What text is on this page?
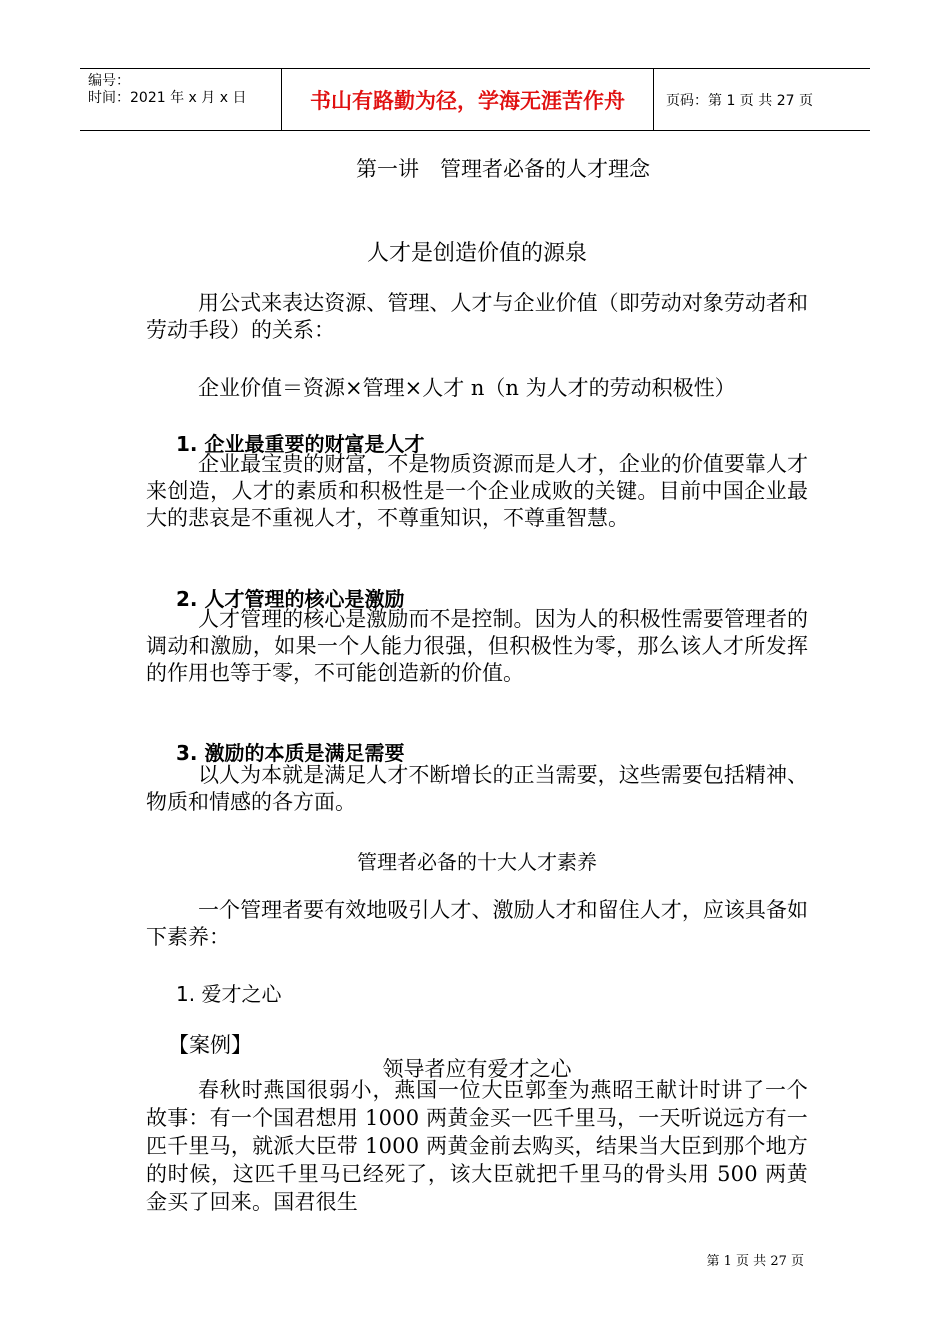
编号：
时间：2021 年 x 月 x 日	书山有路勤为径，学海无涯苦作舟	页码：第 1 页 共 27 页
第一讲　管理者必备的人才理念
人才是创造价值的源泉
用公式来表达资源、管理、人才与企业价值（即劳动对象劳动者和劳动手段）的关系：
企业价值＝资源×管理×人才 n（n 为人才的劳动积极性）
1. 企业最重要的财富是人才
企业最宝贵的财富，不是物质资源而是人才，企业的价值要靠人才来创造，人才的素质和积极性是一个企业成败的关键。目前中国企业最大的悲哀是不重视人才，不尊重知识，不尊重智慧。
2. 人才管理的核心是激励
人才管理的核心是激励而不是控制。因为人的积极性需要管理者的调动和激励，如果一个人能力很强，但积极性为零，那么该人才所发挥的作用也等于零，不可能创造新的价值。
3. 激励的本质是满足需要
以人为本就是满足人才不断增长的正当需要，这些需要包括精神、物质和情感的各方面。
管理者必备的十大人才素养
一个管理者要有效地吸引人才、激励人才和留住人才，应该具备如下素养：
1. 爱才之心
【案例】
领导者应有爱才之心
春秋时燕国很弱小，燕国一位大臣郭奎为燕昭王献计时讲了一个故事：有一个国君想用 1000 两黄金买一匹千里马，一天听说远方有一匹千里马，就派大臣带 1000 两黄金前去购买，结果当大臣到那个地方的时候，这匹千里马已经死了，该大臣就把千里马的骨头用 500 两黄金买了回来。国君很生
第 1 页 共 27 页
